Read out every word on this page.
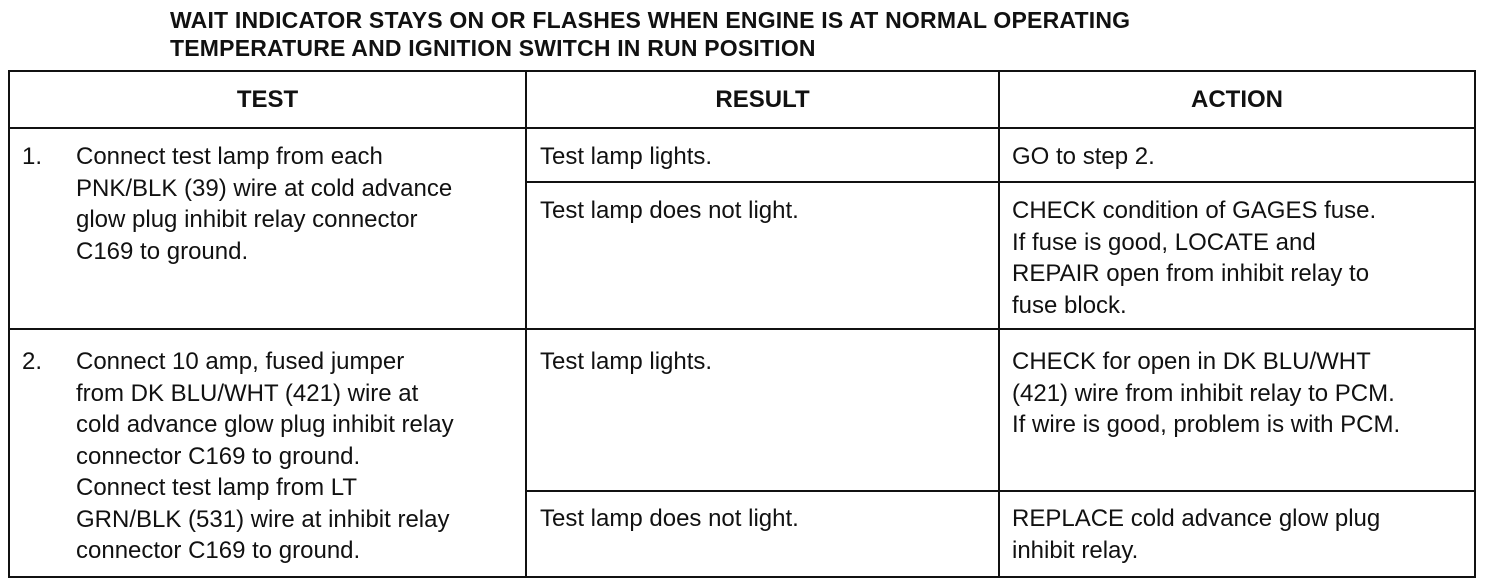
WAIT INDICATOR STAYS ON OR FLASHES WHEN ENGINE IS AT NORMAL OPERATING
TEMPERATURE AND IGNITION SWITCH IN RUN POSITION
TEST	RESULT	ACTION
1. Connect test lamp from each
PNK/BLK (39) wire at cold advance
glow plug inhibit relay connector
C169 to ground.
Test lamp lights.	GO to step 2.
Test lamp does not light.	CHECK condition of GAGES fuse.
If fuse is good, LOCATE and
REPAIR open from inhibit relay to
fuse block.
2. Connect 10 amp, fused jumper
from DK BLU/WHT (421) wire at
cold advance glow plug inhibit relay
connector C169 to ground.
Connect test lamp from LT
GRN/BLK (531) wire at inhibit relay
connector C169 to ground.
Test lamp lights.	CHECK for open in DK BLU/WHT
(421) wire from inhibit relay to PCM.
If wire is good, problem is with PCM.
Test lamp does not light.	REPLACE cold advance glow plug
inhibit relay.
